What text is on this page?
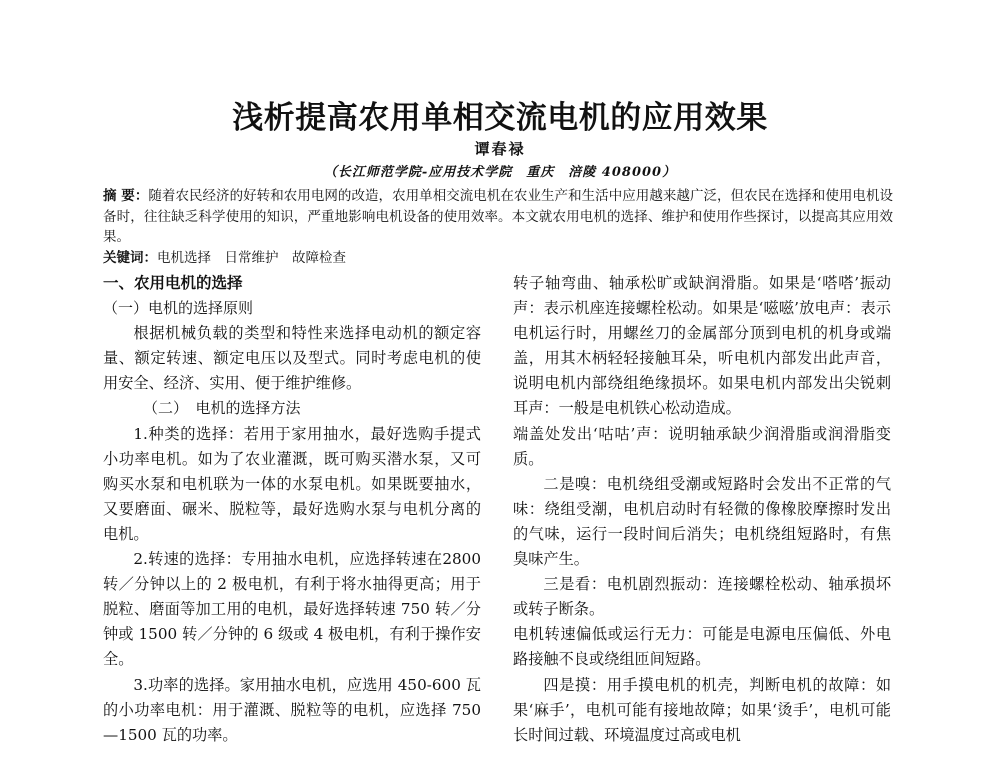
浅析提高农用单相交流电机的应用效果
谭春禄
（长江师范学院-应用技术学院　重庆　涪陵 408000）

摘 要：随着农民经济的好转和农用电网的改造，农用单相交流电机在农业生产和生活中应用越来越广泛，但农民在选择和使用电机设备时，往往缺乏科学使用的知识，严重地影响电机设备的使用效率。本文就农用电机的选择、维护和使用作些探讨，以提高其应用效果。

关键词：电机选择　日常维护　故障检查

一、农用电机的选择

（一）电机的选择原则

根据机械负载的类型和特性来选择电动机的额定容量、额定转速、额定电压以及型式。同时考虑电机的使用安全、经济、实用、便于维护维修。

（二）　电机的选择方法

1.种类的选择：若用于家用抽水，最好选购手提式小功率电机。如为了农业灌溉，既可购买潜水泵，又可购买水泵和电机联为一体的水泵电机。如果既要抽水，又要磨面、碾米、脱粒等，最好选购水泵与电机分离的电机。

2.转速的选择：专用抽水电机，应选择转速在2800 转／分钟以上的 2 极电机，有利于将水抽得更高；用于脱粒、磨面等加工用的电机，最好选择转速 750 转／分钟或 1500 转／分钟的 6 级或 4 极电机，有利于操作安全。

3.功率的选择。家用抽水电机，应选用 450-600 瓦的小功率电机：用于灌溉、脱粒等的电机，应选择 750—1500 瓦的功率。

转子轴弯曲、轴承松旷或缺润滑脂。如果是‘嗒嗒’振动声：表示机座连接螺栓松动。如果是‘嗞嗞’放电声：表示电机运行时，用螺丝刀的金属部分顶到电机的机身或端盖，用其木柄轻轻接触耳朵，听电机内部发出此声音，说明电机内部绕组绝缘损坏。如果电机内部发出尖锐刺耳声：一般是电机铁心松动造成。

端盖处发出‘咕咕’声：说明轴承缺少润滑脂或润滑脂变质。

二是嗅：电机绕组受潮或短路时会发出不正常的气味：绕组受潮，电机启动时有轻微的像橡胶摩擦时发出的气味，运行一段时间后消失；电机绕组短路时，有焦臭味产生。

三是看：电机剧烈振动：连接螺栓松动、轴承损坏或转子断条。

电机转速偏低或运行无力：可能是电源电压偏低、外电路接触不良或绕组匝间短路。

四是摸：用手摸电机的机壳，判断电机的故障：如果‘麻手’，电机可能有接地故障；如果‘烫手’，电机可能长时间过载、环境温度过高或电机
